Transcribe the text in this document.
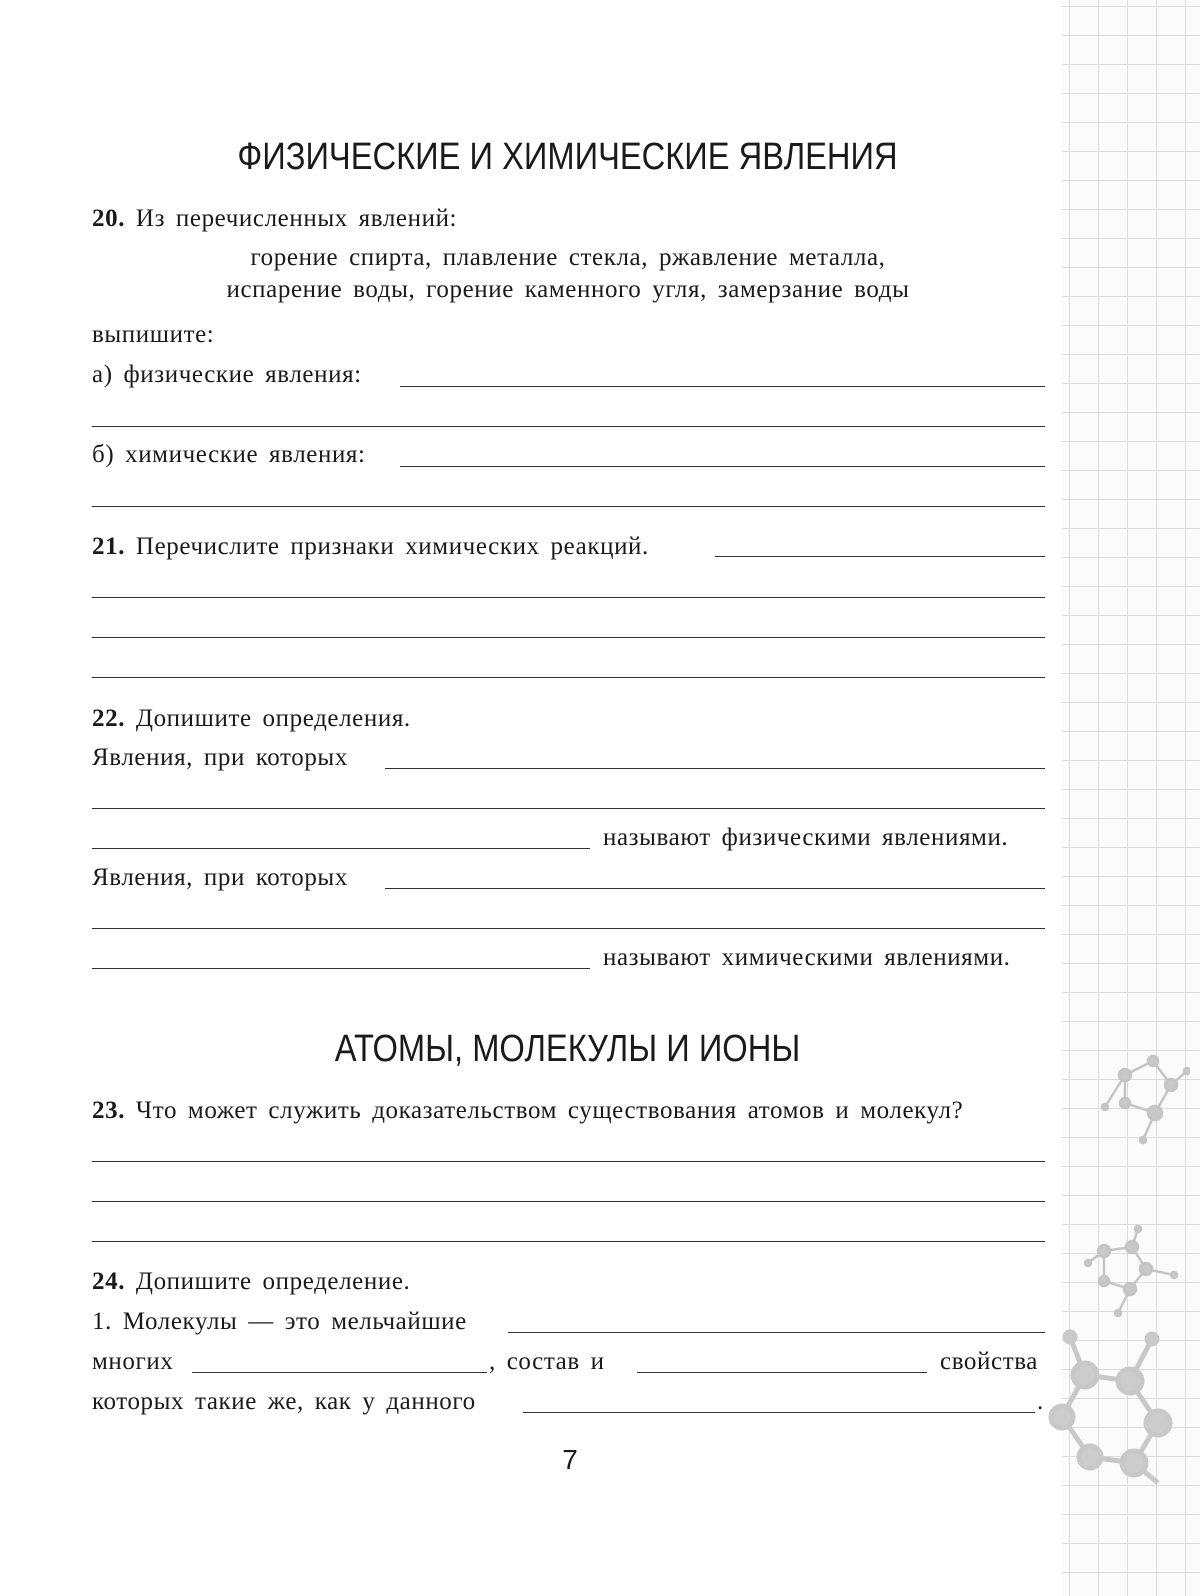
ФИЗИЧЕСКИЕ И ХИМИЧЕСКИЕ ЯВЛЕНИЯ
20. Из перечисленных явлений:
горение спирта, плавление стекла, ржавление металла,
испарение воды, горение каменного угля, замерзание воды
выпишите:
а) физические явления:
б) химические явления:
21. Перечислите признаки химических реакций.
22. Допишите определения.
Явления, при которых
называют физическими явлениями.
Явления, при которых
называют химическими явлениями.
АТОМЫ, МОЛЕКУЛЫ И ИОНЫ
23. Что может служить доказательством существования атомов и молекул?
24. Допишите определение.
1. Молекулы — это мельчайшие
многих	, состав и	свойства
которых такие же, как у данного	.
7
